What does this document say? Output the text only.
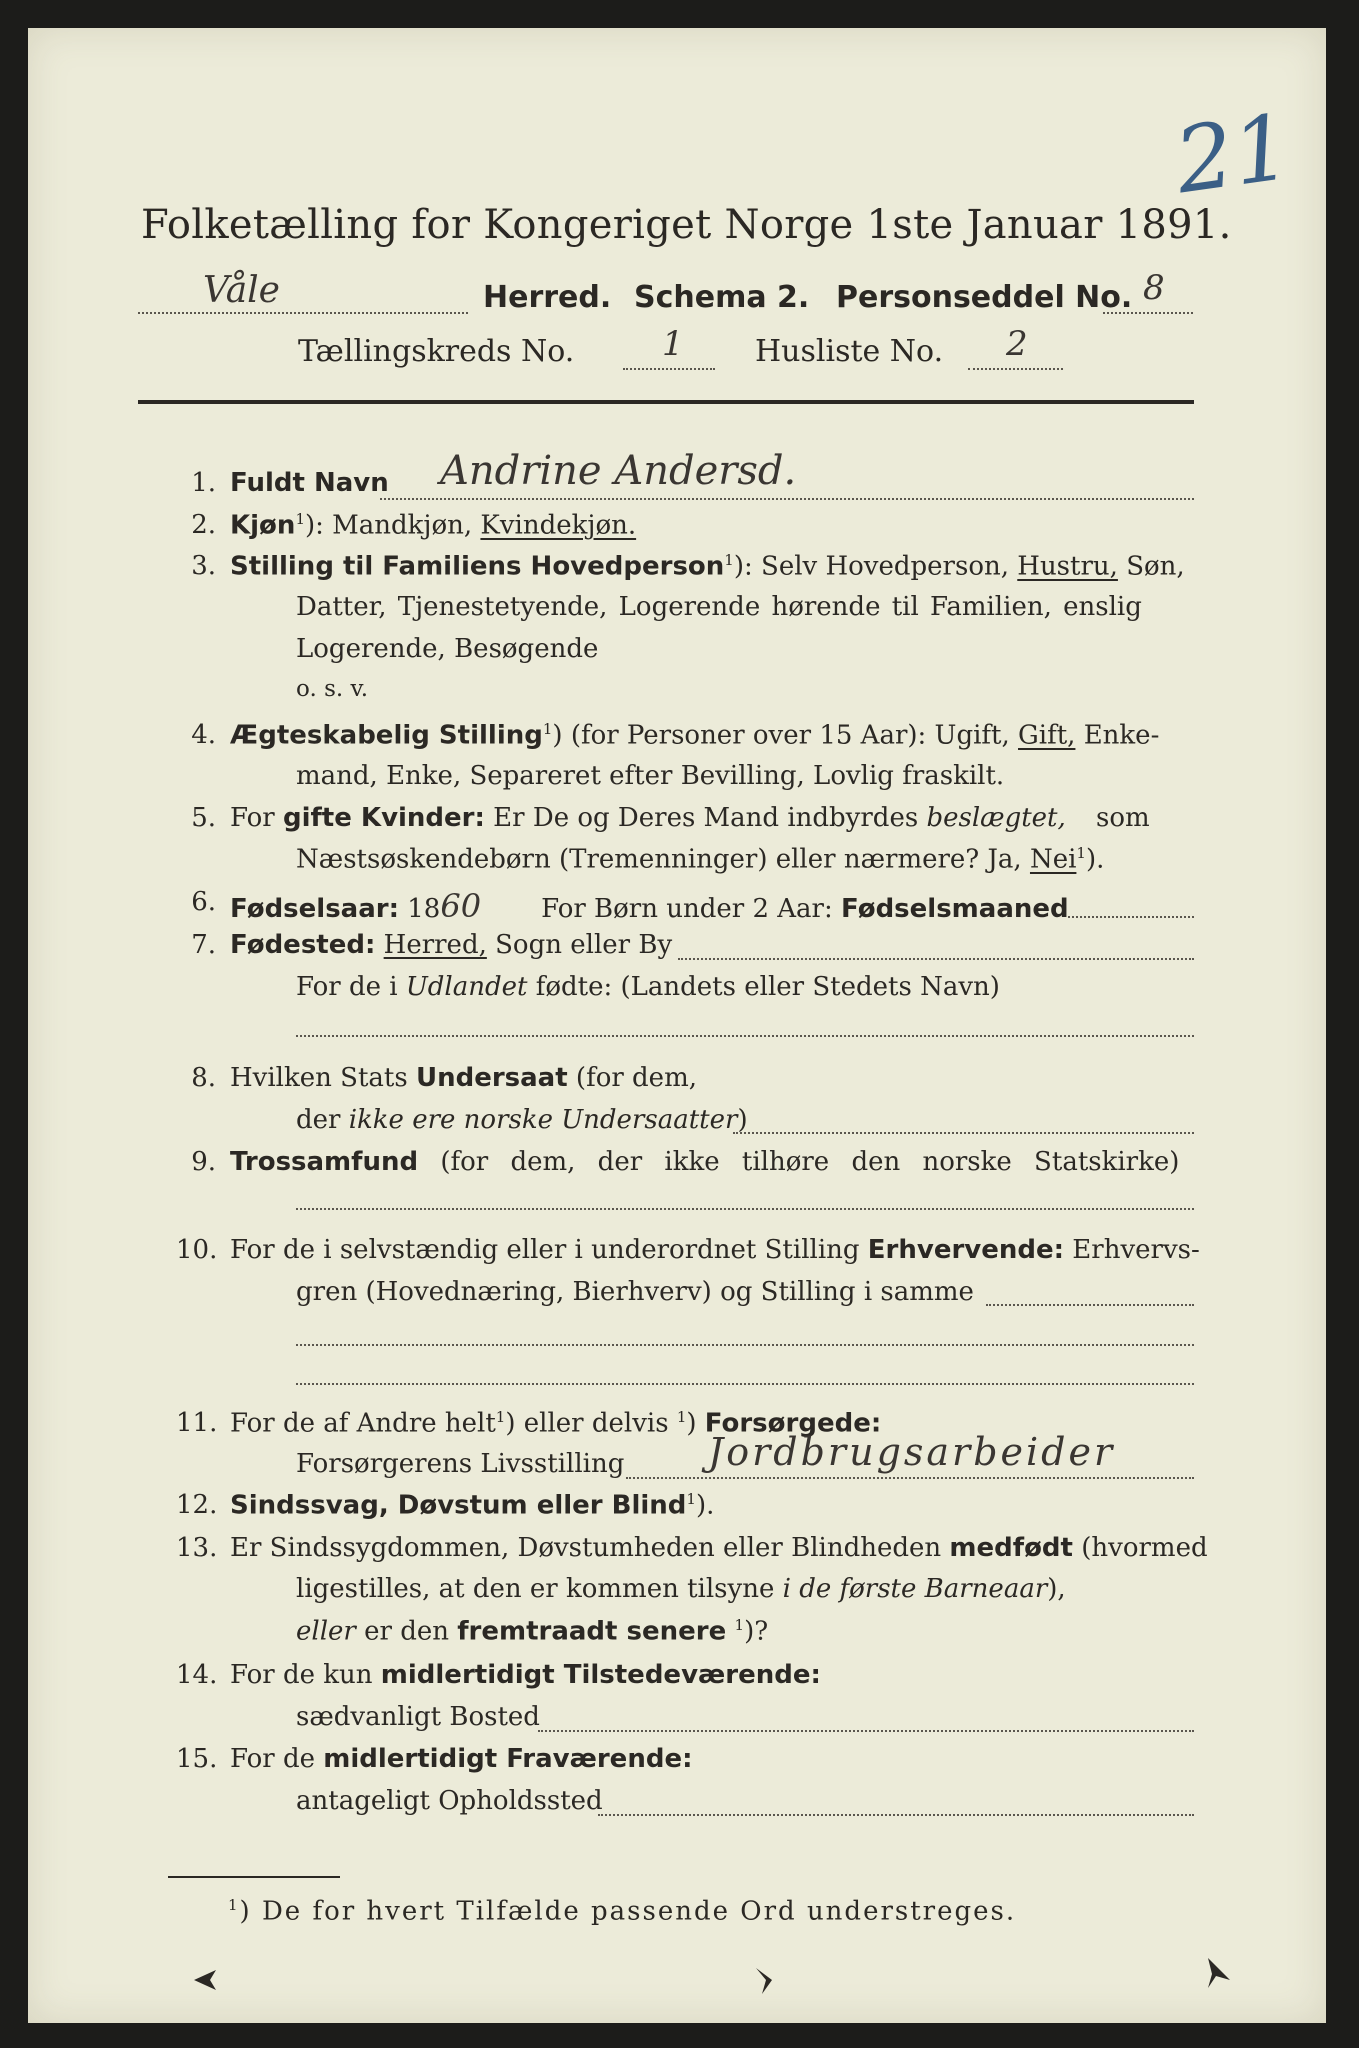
21
Folketælling for Kongeriget Norge 1ste Januar 1891.
Våle	Herred. Schema 2. Personseddel No. 8
Tællingskreds No.	1 Husliste No. 2
1. Fuldt Navn Andrine Andersd.
2. Kjøn$^1$): Mandkjøn, Kvindekjøn.
3. Stilling til Familiens Hovedperson$^1$): Selv Hovedperson, Hustru, Søn,
Datter, Tjenestetyende, Logerende hørende til Familien, enslig
Logerende, Besøgende
o. s. v.
4. Ægteskabelig Stilling$^1$) (for Personer over 15 Aar): Ugift, Gift, Enke-
mand, Enke, Separeret efter Bevilling, Lovlig fraskilt.
5. For gifte Kvinder: Er De og Deres Mand indbyrdes beslægtet, som
Næstsøskendebørn (Tremenninger) eller nærmere? Ja, Nei$^1$).
6. Fødselsaar: 1860 For Børn under 2 Aar: Fødselsmaaned
7. Fødested: Herred, Sogn eller By
For de i Udlandet fødte: (Landets eller Stedets Navn)
8. Hvilken Stats Undersaat (for dem,
der ikke ere norske Undersaatter)
9. Trossamfund (for dem, der ikke tilhøre den norske Statskirke)
10. For de i selvstændig eller i underordnet Stilling Erhvervende: Erhvervs-
gren (Hovednæring, Bierhverv) og Stilling i samme
11. For de af Andre helt$^1$) eller delvis $^1$) Forsørgede:
Forsørgerens Livsstilling Jordbrugsarbeider
12. Sindssvag, Døvstum eller Blind$^1$).
13. Er Sindssygdommen, Døvstumheden eller Blindheden medfødt (hvormed
ligestilles, at den er kommen tilsyne i de første Barneaar),
eller er den fremtraadt senere $^1$)?
14. For de kun midlertidigt Tilstedeværende:
sædvanligt Bosted
15. For de midlertidigt Fraværende:
antageligt Opholdssted
$^1$) De for hvert Tilfælde passende Ord understreges.
